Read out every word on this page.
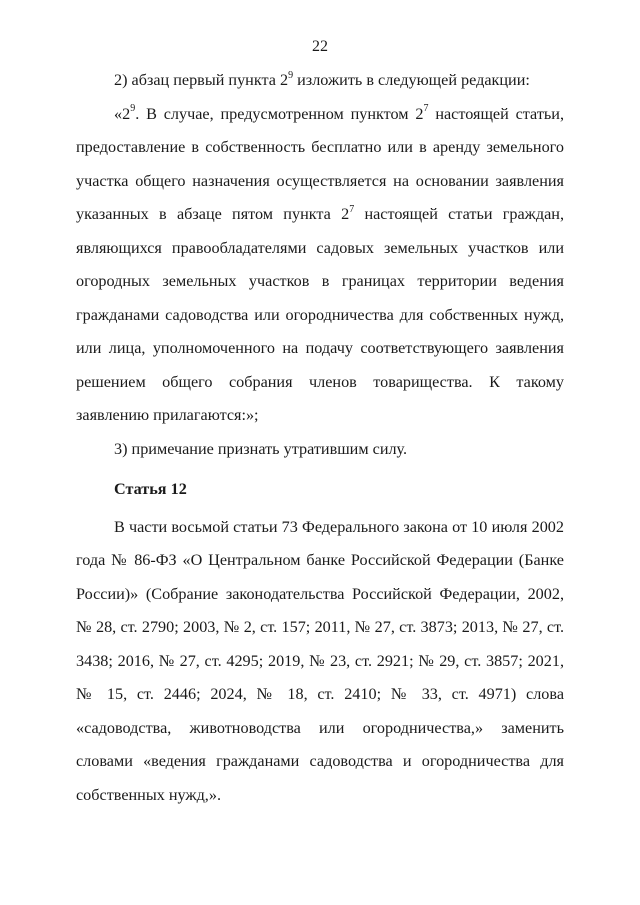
22

2) абзац первый пункта $2^9$ изложить в следующей редакции:

«$2^9$. В случае, предусмотренном пунктом $2^7$ настоящей статьи, предоставление в собственность бесплатно или в аренду земельного участка общего назначения осуществляется на основании заявления указанных в абзаце пятом пункта $2^7$ настоящей статьи граждан, являющихся правообладателями садовых земельных участков или огородных земельных участков в границах территории ведения гражданами садоводства или огородничества для собственных нужд, или лица, уполномоченного на подачу соответствующего заявления решением общего собрания членов товарищества. К такому заявлению прилагаются:»;

3) примечание признать утратившим силу.

Статья 12

В части восьмой статьи 73 Федерального закона от 10 июля 2002 года № 86-ФЗ «О Центральном банке Российской Федерации (Банке России)» (Собрание законодательства Российской Федерации, 2002, № 28, ст. 2790; 2003, № 2, ст. 157; 2011, № 27, ст. 3873; 2013, № 27, ст. 3438; 2016, № 27, ст. 4295; 2019, № 23, ст. 2921; № 29, ст. 3857; 2021, № 15, ст. 2446; 2024, № 18, ст. 2410; № 33, ст. 4971) слова «садоводства, животноводства или огородничества,» заменить словами «ведения гражданами садоводства и огородничества для собственных нужд,».
